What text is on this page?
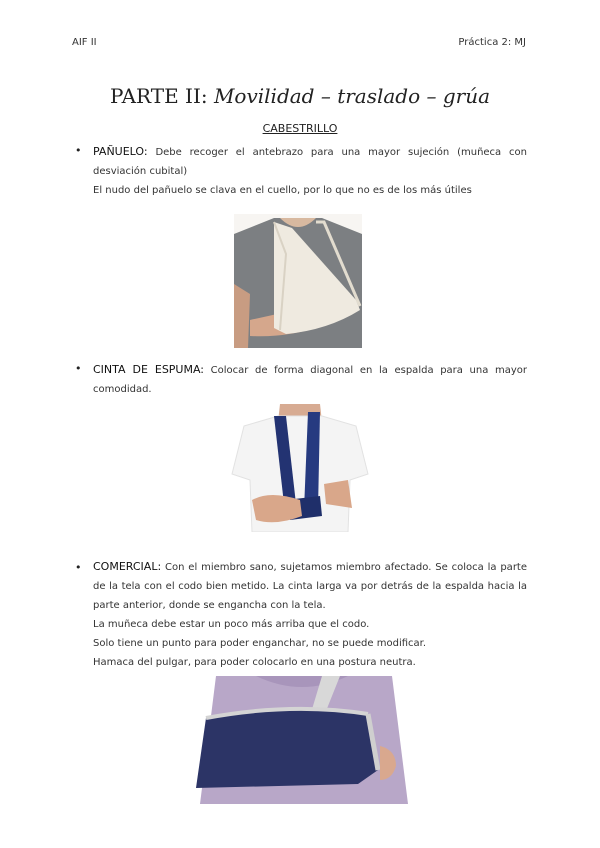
AIF II	Práctica 2: MJ
PARTE II: Movilidad – traslado – grúa
CABESTRILLO
• PAÑUELO: Debe recoger el antebrazo para una mayor sujeción (muñeca con desviación cubital)
El nudo del pañuelo se clava en el cuello, por lo que no es de los más útiles
• CINTA DE ESPUMA: Colocar de forma diagonal en la espalda para una mayor comodidad.
• COMERCIAL: Con el miembro sano, sujetamos miembro afectado. Se coloca la parte de la tela con el codo bien metido. La cinta larga va por detrás de la espalda hacia la parte anterior, donde se engancha con la tela.
La muñeca debe estar un poco más arriba que el codo.
Solo tiene un punto para poder enganchar, no se puede modificar.
Hamaca del pulgar, para poder colocarlo en una postura neutra.
